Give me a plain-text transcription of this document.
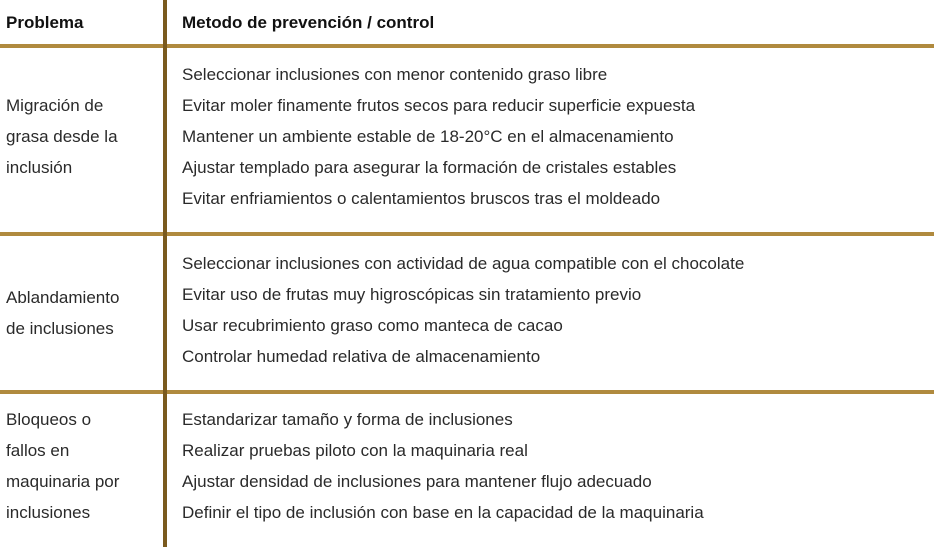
Problema	Metodo de prevención / control
Migración de
grasa desde la
inclusión
Seleccionar inclusiones con menor contenido graso libre
Evitar moler finamente frutos secos para reducir superficie expuesta
Mantener un ambiente estable de 18-20°C en el almacenamiento
Ajustar templado para asegurar la formación de cristales estables
Evitar enfriamientos o calentamientos bruscos tras el moldeado
Ablandamiento
de inclusiones
Seleccionar inclusiones con actividad de agua compatible con el chocolate
Evitar uso de frutas muy higroscópicas sin tratamiento previo
Usar recubrimiento graso como manteca de cacao
Controlar humedad relativa de almacenamiento
Bloqueos o
fallos en
maquinaria por
inclusiones
Estandarizar tamaño y forma de inclusiones
Realizar pruebas piloto con la maquinaria real
Ajustar densidad de inclusiones para mantener flujo adecuado
Definir el tipo de inclusión con base en la capacidad de la maquinaria
